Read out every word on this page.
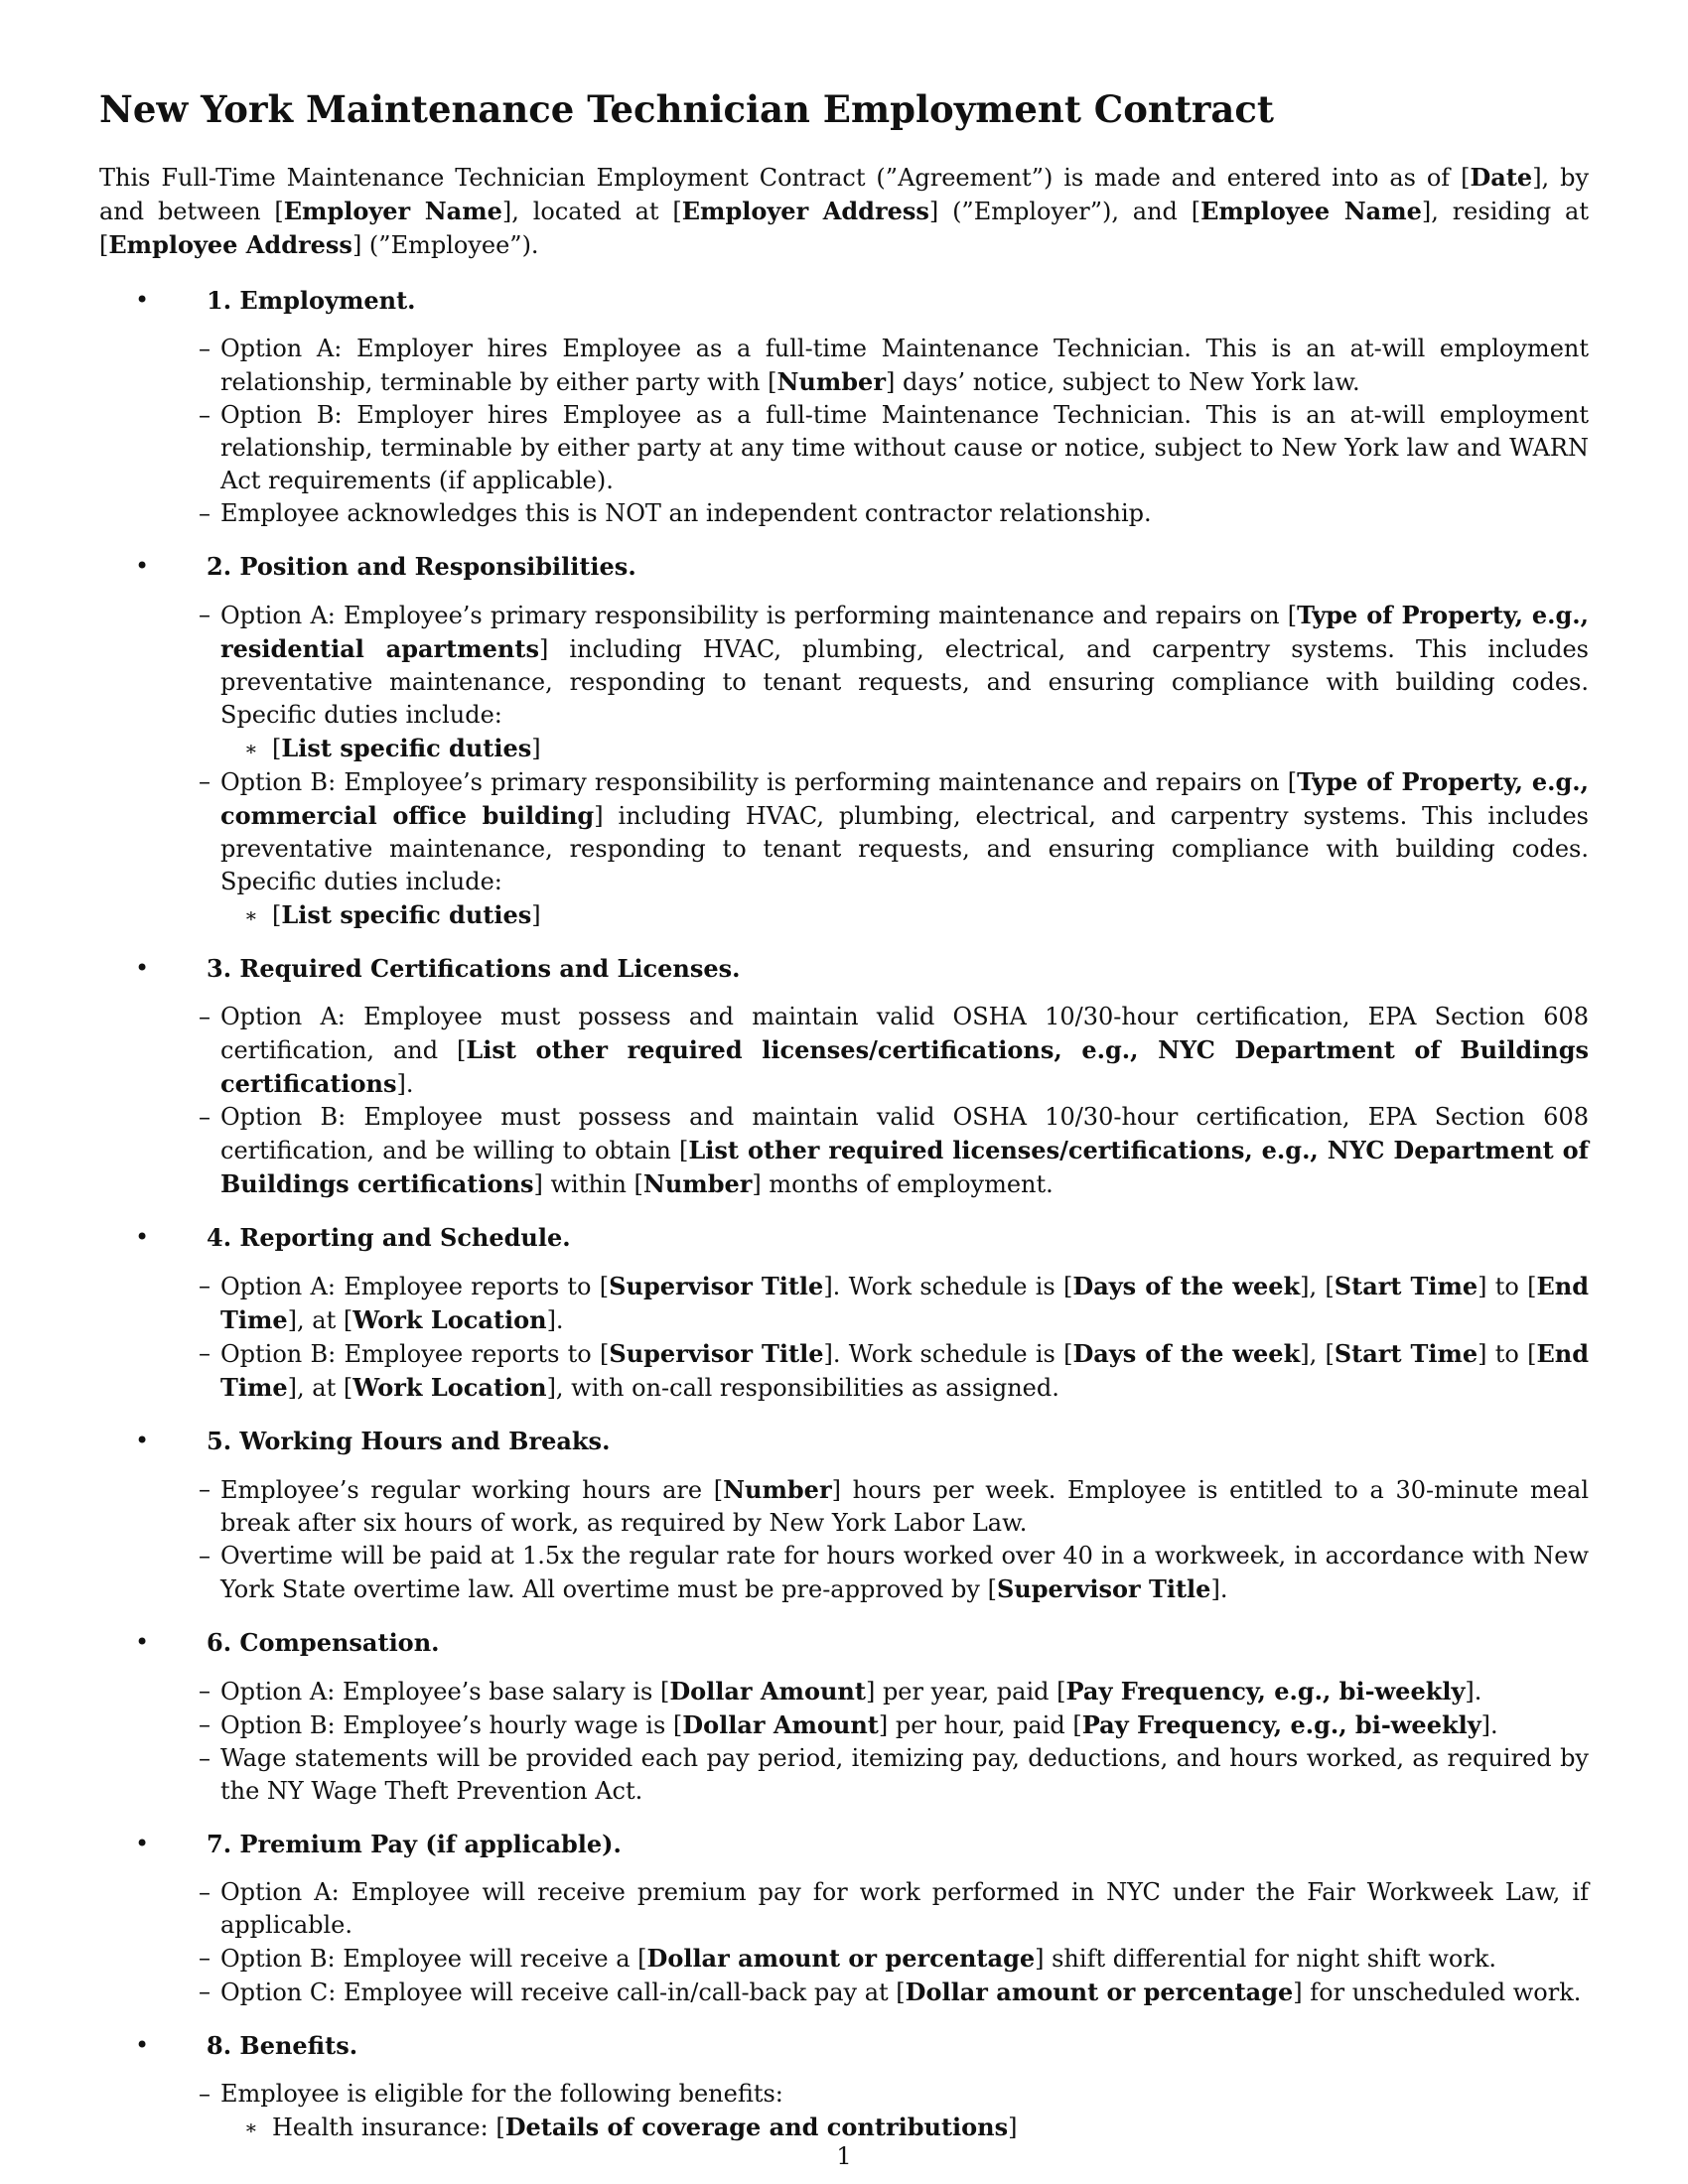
New York Maintenance Technician Employment Contract

This Full-Time Maintenance Technician Employment Contract (”Agreement”) is made and entered into as of [Date], by and between [Employer Name], located at [Employer Address] (”Employer”), and [Employee Name], residing at [Employee Address] (”Employee”).

• 1. Employment.
– Option A: Employer hires Employee as a full-time Maintenance Technician. This is an at-will employment relationship, terminable by either party with [Number] days’ notice, subject to New York law.
– Option B: Employer hires Employee as a full-time Maintenance Technician. This is an at-will employment relationship, terminable by either party at any time without cause or notice, subject to New York law and WARN Act requirements (if applicable).
– Employee acknowledges this is NOT an independent contractor relationship.
• 2. Position and Responsibilities.
– Option A: Employee’s primary responsibility is performing maintenance and repairs on [Type of Property, e.g., residential apartments] including HVAC, plumbing, electrical, and carpentry systems. This includes preventative maintenance, responding to tenant requests, and ensuring compliance with building codes. Specific duties include:
∗ [List specific duties]
– Option B: Employee’s primary responsibility is performing maintenance and repairs on [Type of Property, e.g., commercial office building] including HVAC, plumbing, electrical, and carpentry systems. This includes preventative maintenance, responding to tenant requests, and ensuring compliance with building codes. Specific duties include:
∗ [List specific duties]
• 3. Required Certifications and Licenses.
– Option A: Employee must possess and maintain valid OSHA 10/30-hour certification, EPA Section 608 certification, and [List other required licenses/certifications, e.g., NYC Department of Buildings certifications].
– Option B: Employee must possess and maintain valid OSHA 10/30-hour certification, EPA Section 608 certification, and be willing to obtain [List other required licenses/certifications, e.g., NYC Department of Buildings certifications] within [Number] months of employment.
• 4. Reporting and Schedule.
– Option A: Employee reports to [Supervisor Title]. Work schedule is [Days of the week], [Start Time] to [End Time], at [Work Location].
– Option B: Employee reports to [Supervisor Title]. Work schedule is [Days of the week], [Start Time] to [End Time], at [Work Location], with on-call responsibilities as assigned.
• 5. Working Hours and Breaks.
– Employee’s regular working hours are [Number] hours per week. Employee is entitled to a 30-minute meal break after six hours of work, as required by New York Labor Law.
– Overtime will be paid at 1.5x the regular rate for hours worked over 40 in a workweek, in accordance with New York State overtime law. All overtime must be pre-approved by [Supervisor Title].
• 6. Compensation.
– Option A: Employee’s base salary is [Dollar Amount] per year, paid [Pay Frequency, e.g., bi-weekly].
– Option B: Employee’s hourly wage is [Dollar Amount] per hour, paid [Pay Frequency, e.g., bi-weekly].
– Wage statements will be provided each pay period, itemizing pay, deductions, and hours worked, as required by the NY Wage Theft Prevention Act.
• 7. Premium Pay (if applicable).
– Option A: Employee will receive premium pay for work performed in NYC under the Fair Workweek Law, if applicable.
– Option B: Employee will receive a [Dollar amount or percentage] shift differential for night shift work.
– Option C: Employee will receive call-in/call-back pay at [Dollar amount or percentage] for unscheduled work.
• 8. Benefits.
– Employee is eligible for the following benefits:
∗ Health insurance: [Details of coverage and contributions]
1
